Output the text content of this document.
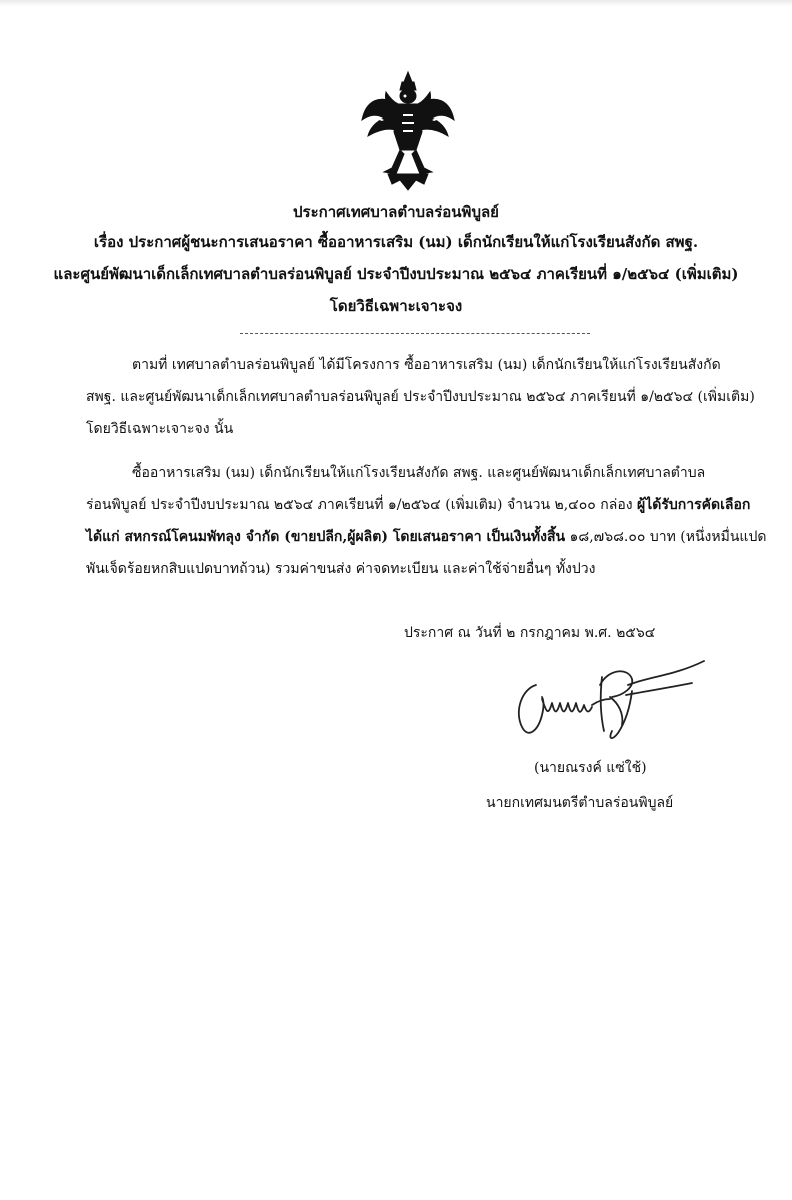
ประกาศเทศบาลตำบลร่อนพิบูลย์
เรื่อง ประกาศผู้ชนะการเสนอราคา ซื้ออาหารเสริม (นม) เด็กนักเรียนให้แก่โรงเรียนสังกัด สพฐ.
และศูนย์พัฒนาเด็กเล็กเทศบาลตำบลร่อนพิบูลย์ ประจำปีงบประมาณ ๒๕๖๔ ภาคเรียนที่ ๑/๒๕๖๔ (เพิ่มเติม)
โดยวิธีเฉพาะเจาะจง
ตามที่ เทศบาลตำบลร่อนพิบูลย์ ได้มีโครงการ ซื้ออาหารเสริม (นม) เด็กนักเรียนให้แก่โรงเรียนสังกัด
สพฐ. และศูนย์พัฒนาเด็กเล็กเทศบาลตำบลร่อนพิบูลย์ ประจำปีงบประมาณ ๒๕๖๔ ภาคเรียนที่ ๑/๒๕๖๔ (เพิ่มเติม)
โดยวิธีเฉพาะเจาะจง นั้น
ซื้ออาหารเสริม (นม) เด็กนักเรียนให้แก่โรงเรียนสังกัด สพฐ. และศูนย์พัฒนาเด็กเล็กเทศบาลตำบล
ร่อนพิบูลย์ ประจำปีงบประมาณ ๒๕๖๔ ภาคเรียนที่ ๑/๒๕๖๔ (เพิ่มเติม) จำนวน ๒,๔๐๐ กล่อง ผู้ได้รับการคัดเลือก
ได้แก่ สหกรณ์โคนมพัทลุง จำกัด (ขายปลีก,ผู้ผลิต) โดยเสนอราคา เป็นเงินทั้งสิ้น ๑๘,๗๖๘.๐๐ บาท (หนึ่งหมื่นแปด
พันเจ็ดร้อยหกสิบแปดบาทถ้วน) รวมค่าขนส่ง ค่าจดทะเบียน และค่าใช้จ่ายอื่นๆ ทั้งปวง
ประกาศ ณ วันที่ ๒ กรกฎาคม พ.ศ. ๒๕๖๔
(นายณรงค์ แซ่ใช้)
นายกเทศมนตรีตำบลร่อนพิบูลย์
